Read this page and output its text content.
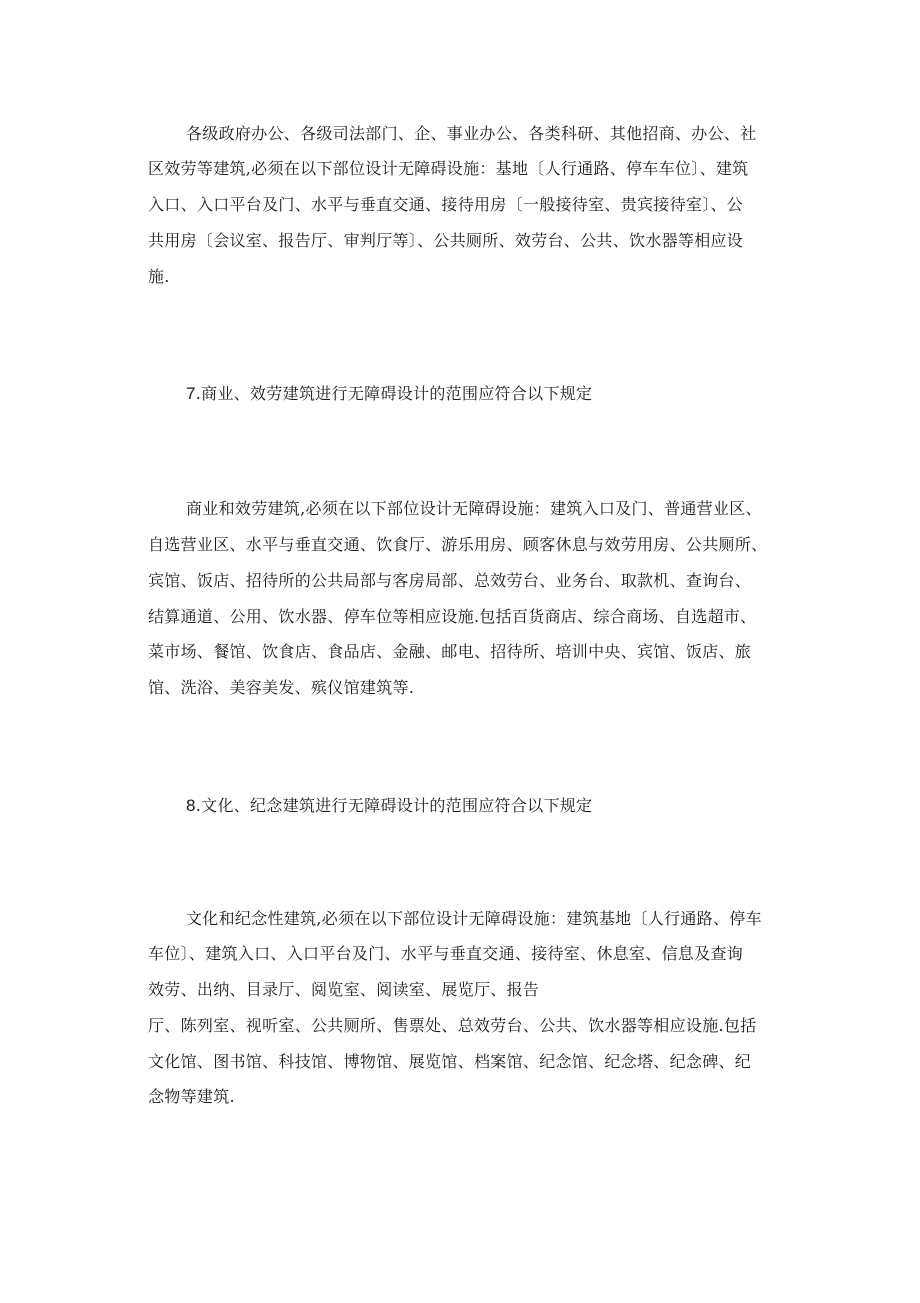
各级政府办公、各级司法部门、企、事业办公、各类科研、其他招商、办公、社
区效劳等建筑,必须在以下部位设计无障碍设施：基地〔人行通路、停车车位〕、建筑
入口、入口平台及门、水平与垂直交通、接待用房〔一般接待室、贵宾接待室〕、公
共用房〔会议室、报告厅、审判厅等〕、公共厕所、效劳台、公共、饮水器等相应设
施.
7.商业、效劳建筑进行无障碍设计的范围应符合以下规定
商业和效劳建筑,必须在以下部位设计无障碍设施：建筑入口及门、普通营业区、
自选营业区、水平与垂直交通、饮食厅、游乐用房、顾客休息与效劳用房、公共厕所、
宾馆、饭店、招待所的公共局部与客房局部、总效劳台、业务台、取款机、查询台、
结算通道、公用、饮水器、停车位等相应设施.包括百货商店、综合商场、自选超市、
菜市场、餐馆、饮食店、食品店、金融、邮电、招待所、培训中央、宾馆、饭店、旅
馆、洗浴、美容美发、殡仪馆建筑等.
8.文化、纪念建筑进行无障碍设计的范围应符合以下规定
文化和纪念性建筑,必须在以下部位设计无障碍设施：建筑基地〔人行通路、停车
车位〕、建筑入口、入口平台及门、水平与垂直交通、接待室、休息室、信息及查询
效劳、出纳、目录厅、阅览室、阅读室、展览厅、报告
厅、陈列室、视听室、公共厕所、售票处、总效劳台、公共、饮水器等相应设施.包括
文化馆、图书馆、科技馆、博物馆、展览馆、档案馆、纪念馆、纪念塔、纪念碑、纪
念物等建筑.
